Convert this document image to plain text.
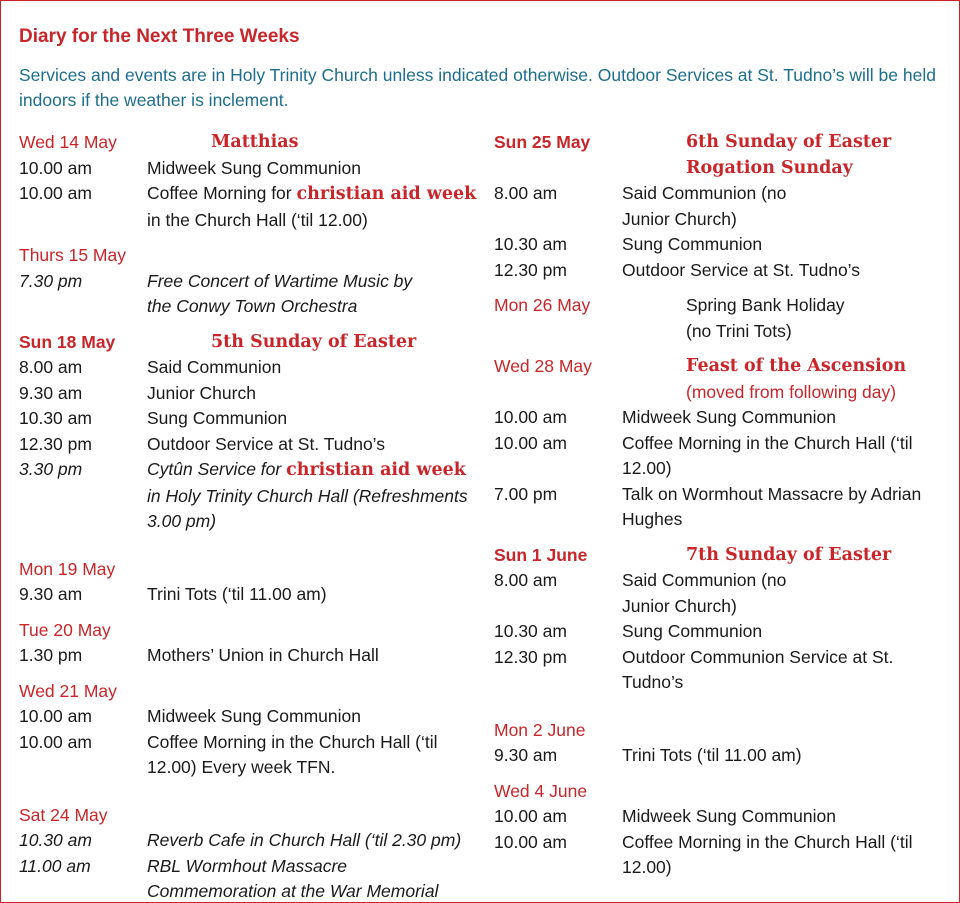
Diary for the Next Three Weeks
Services and events are in Holy Trinity Church unless indicated otherwise. Outdoor Services at St. Tudno’s will be held indoors if the weather is inclement.
Wed 14 May	Matthias
10.00 am	Midweek Sung Communion
10.00 am	Coffee Morning for christian aid week in the Church Hall (‘til 12.00)
Thurs 15 May
7.30 pm	Free Concert of Wartime Music by the Conwy Town Orchestra
Sun 18 May	5th Sunday of Easter
8.00 am	Said Communion
9.30 am	Junior Church
10.30 am	Sung Communion
12.30 pm	Outdoor Service at St. Tudno’s
3.30 pm	Cytûn Service for christian aid week in Holy Trinity Church Hall (Refreshments 3.00 pm)
Mon 19 May
9.30 am	Trini Tots (‘til 11.00 am)
Tue 20 May
1.30 pm	Mothers’ Union in Church Hall
Wed 21 May
10.00 am	Midweek Sung Communion
10.00 am	Coffee Morning in the Church Hall (‘til 12.00) Every week TFN.
Sat 24 May
10.30 am	Reverb Cafe in Church Hall (‘til 2.30 pm)
11.00 am	RBL Wormhout Massacre Commemoration at the War Memorial
Sun 25 May	6th Sunday of Easter
Rogation Sunday
8.00 am	Said Communion (no Junior Church)
10.30 am	Sung Communion
12.30 pm	Outdoor Service at St. Tudno’s
Mon 26 May	Spring Bank Holiday
(no Trini Tots)
Wed 28 May	Feast of the Ascension
(moved from following day)
10.00 am	Midweek Sung Communion
10.00 am	Coffee Morning in the Church Hall (‘til 12.00)
7.00 pm	Talk on Wormhout Massacre by Adrian Hughes
Sun 1 June	7th Sunday of Easter
8.00 am	Said Communion (no Junior Church)
10.30 am	Sung Communion
12.30 pm	Outdoor Communion Service at St. Tudno’s
Mon 2 June
9.30 am	Trini Tots (‘til 11.00 am)
Wed 4 June
10.00 am	Midweek Sung Communion
10.00 am	Coffee Morning in the Church Hall (‘til 12.00)
